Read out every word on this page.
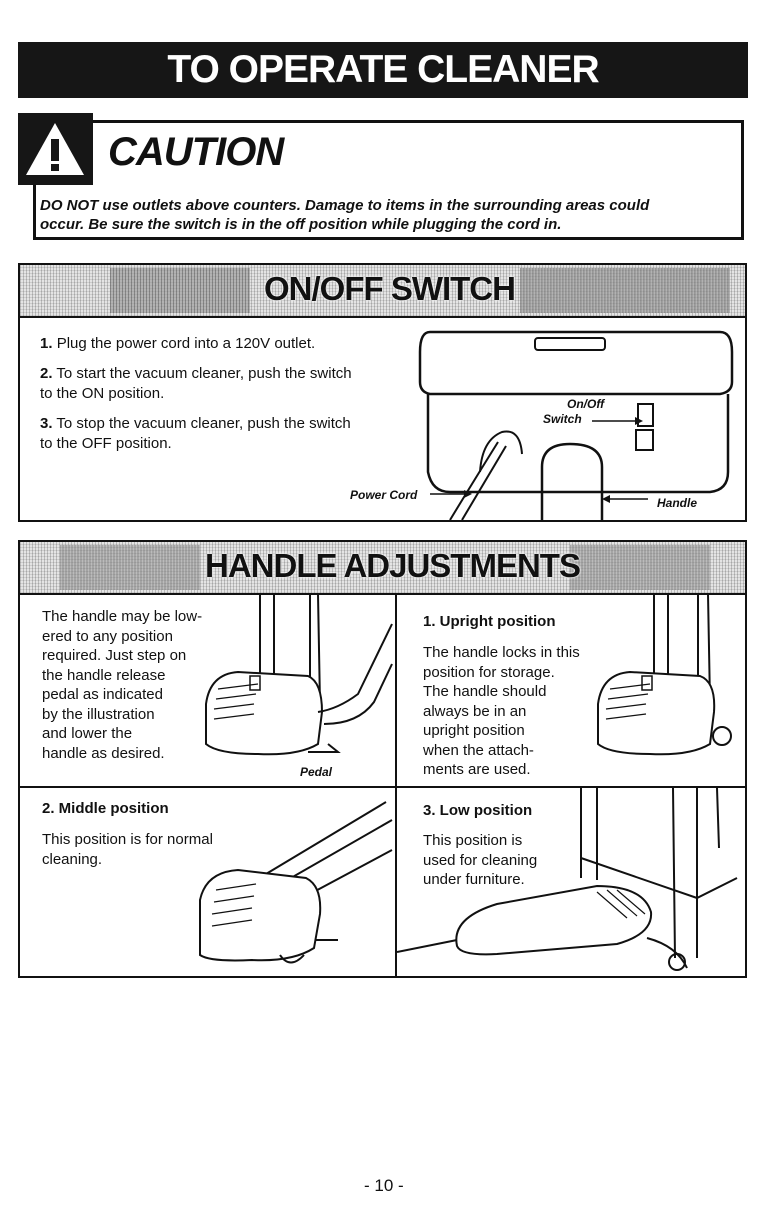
TO OPERATE CLEANER
CAUTION
DO NOT use outlets above counters. Damage to items in the surrounding areas could
occur. Be sure the switch is in the off position while plugging the cord in.
ON/OFF SWITCH
1. Plug the power cord into a 120V outlet.
2. To start the vacuum cleaner, push the switch
to the ON position.
3. To stop the vacuum cleaner, push the switch
to the OFF position.
On/Off
Switch
Power Cord
Handle
HANDLE ADJUSTMENTS
The handle may be low-
ered to any position
required. Just step on
the handle release
pedal as indicated
by the illustration
and lower the
handle as desired.
Pedal
1. Upright position
The handle locks in this
position for storage.
The handle should
always be in an
upright position
when the attach-
ments are used.
2. Middle position
This position is for normal
cleaning.
3. Low position
This position is
used for cleaning
under furniture.
- 10 -
